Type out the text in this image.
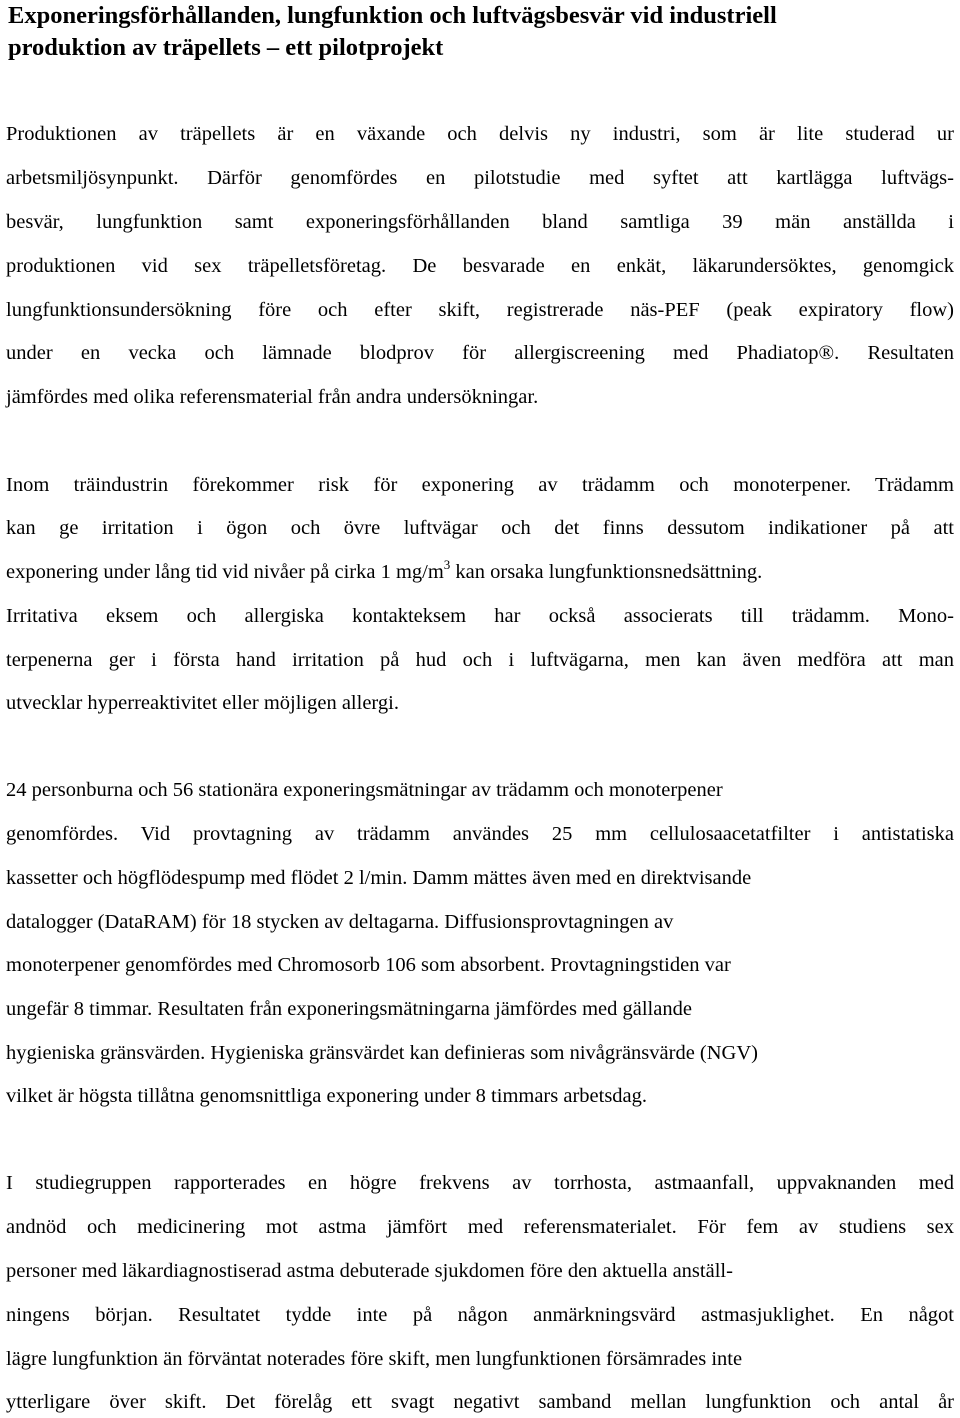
Exponeringsförhållanden, lungfunktion och luftvägsbesvär vid industriell
produktion av träpellets – ett pilotprojekt

Produktionen av träpellets är en växande och delvis ny industri, som är lite studerad ur

arbetsmiljösynpunkt. Därför genomfördes en pilotstudie med syftet att kartlägga luftvägs-

besvär, lungfunktion samt exponeringsförhållanden bland samtliga 39 män anställda i

produktionen vid sex träpelletsföretag. De besvarade en enkät, läkarundersöktes, genomgick

lungfunktionsundersökning före och efter skift, registrerade näs-PEF (peak expiratory flow)

under en vecka och lämnade blodprov för allergiscreening med Phadiatop®. Resultaten

jämfördes med olika referensmaterial från andra undersökningar.

Inom träindustrin förekommer risk för exponering av trädamm och monoterpener. Trädamm

kan ge irritation i ögon och övre luftvägar och det finns dessutom indikationer på att

exponering under lång tid vid nivåer på cirka 1 $mg/m^3$ kan orsaka lungfunktionsnedsättning.

Irritativa eksem och allergiska kontakteksem har också associerats till trädamm. Mono-

terpenerna ger i första hand irritation på hud och i luftvägarna, men kan även medföra att man

utvecklar hyperreaktivitet eller möjligen allergi.

24 personburna och 56 stationära exponeringsmätningar av trädamm och monoterpener

genomfördes. Vid provtagning av trädamm användes 25 mm cellulosaacetatfilter i antistatiska

kassetter och högflödespump med flödet 2 l/min. Damm mättes även med en direktvisande

datalogger (DataRAM) för 18 stycken av deltagarna. Diffusionsprovtagningen av

monoterpener genomfördes med Chromosorb 106 som absorbent. Provtagningstiden var

ungefär 8 timmar. Resultaten från exponeringsmätningarna jämfördes med gällande

hygieniska gränsvärden. Hygieniska gränsvärdet kan definieras som nivågränsvärde (NGV)

vilket är högsta tillåtna genomsnittliga exponering under 8 timmars arbetsdag.

I studiegruppen rapporterades en högre frekvens av torrhosta, astmaanfall, uppvaknanden med

andnöd och medicinering mot astma jämfört med referensmaterialet. För fem av studiens sex

personer med läkardiagnostiserad astma debuterade sjukdomen före den aktuella anställ-

ningens början. Resultatet tydde inte på någon anmärkningsvärd astmasjuklighet. En något

lägre lungfunktion än förväntat noterades före skift, men lungfunktionen försämrades inte

ytterligare över skift. Det förelåg ett svagt negativt samband mellan lungfunktion och antal år
